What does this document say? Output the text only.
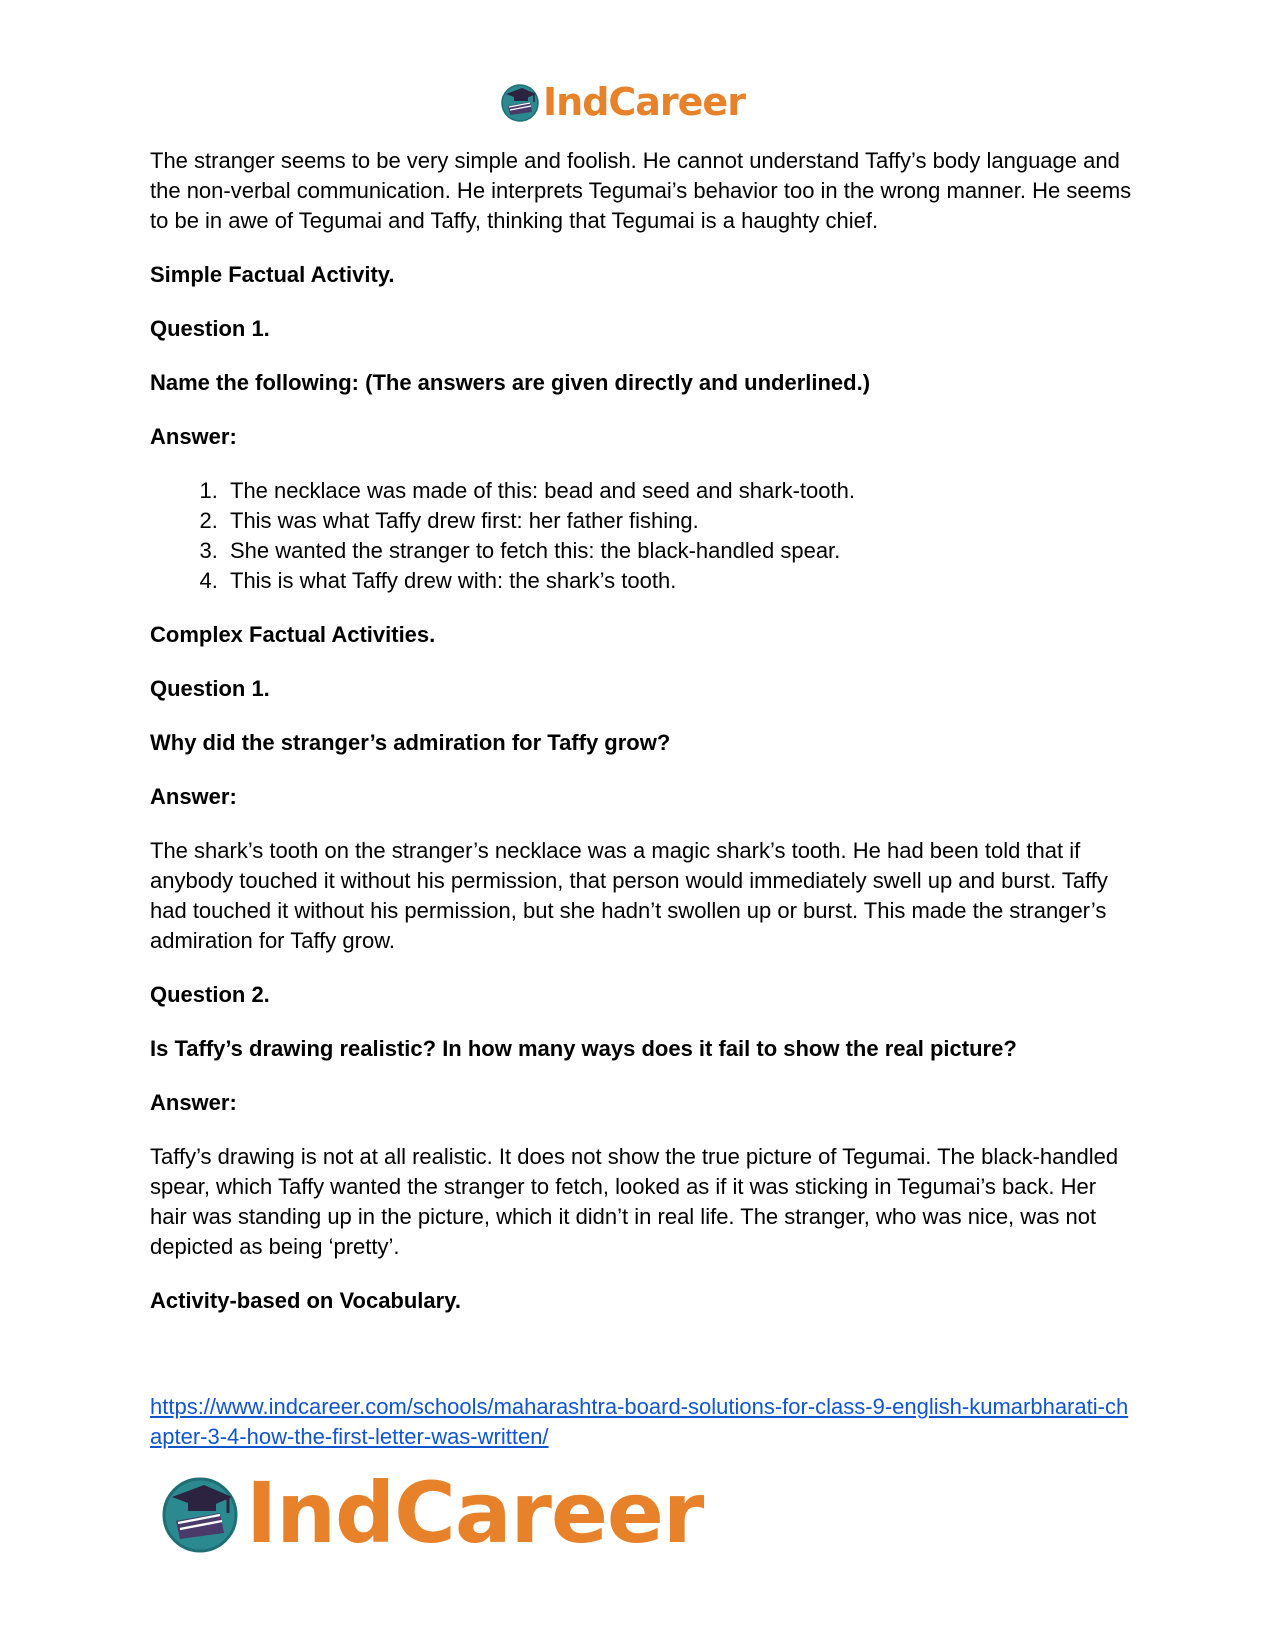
IndCareer

The stranger seems to be very simple and foolish. He cannot understand Taffy’s body language and the non-verbal communication. He interprets Tegumai’s behavior too in the wrong manner. He seems to be in awe of Tegumai and Taffy, thinking that Tegumai is a haughty chief.

Simple Factual Activity.

Question 1.

Name the following: (The answers are given directly and underlined.)

Answer:

1. The necklace was made of this: bead and seed and shark-tooth.
2. This was what Taffy drew first: her father fishing.
3. She wanted the stranger to fetch this: the black-handled spear.
4. This is what Taffy drew with: the shark’s tooth.

Complex Factual Activities.

Question 1.

Why did the stranger’s admiration for Taffy grow?

Answer:

The shark’s tooth on the stranger’s necklace was a magic shark’s tooth. He had been told that if anybody touched it without his permission, that person would immediately swell up and burst. Taffy had touched it without his permission, but she hadn’t swollen up or burst. This made the stranger’s admiration for Taffy grow.

Question 2.

Is Taffy’s drawing realistic? In how many ways does it fail to show the real picture?

Answer:

Taffy’s drawing is not at all realistic. It does not show the true picture of Tegumai. The black-handled spear, which Taffy wanted the stranger to fetch, looked as if it was sticking in Tegumai’s back. Her hair was standing up in the picture, which it didn’t in real life. The stranger, who was nice, was not depicted as being ‘pretty’.

Activity-based on Vocabulary.

https://www.indcareer.com/schools/maharashtra-board-solutions-for-class-9-english-kumarbharati-chapter-3-4-how-the-first-letter-was-written/
IndCareer
